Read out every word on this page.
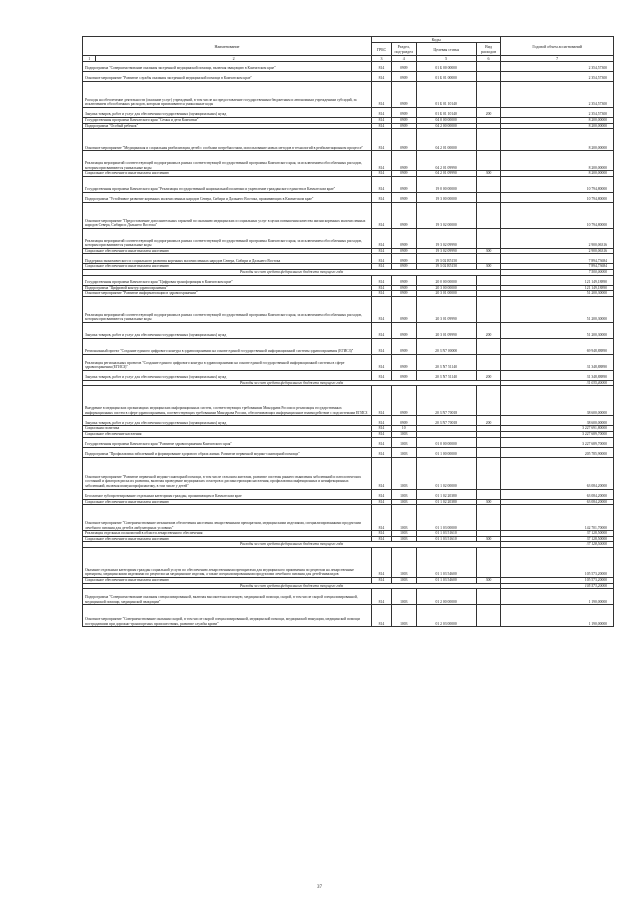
Наименование		Коды				Годовой объем ассигнований
		ГРБС	Раздел, под-раздел	Целевая статья	Вид расходов	
1	2	3	4	5	6	7
Подпрограмма "Совершенствование оказания экстренной медицинской помощи, включая эвакуацию в Камчатском крае"		814	0909	01 Б 00 00000		2 354,57300
Основное мероприятие "Развитие службы оказания экстренной медицинской помощи в Камчатском крае"		814	0909	01 Б 01 00000		2 354,57300
Расходы на обеспечение деятельности (оказание услуг) учреждений, в том числе на предоставление государственным бюджетным и автономным учреждениям субсидий, за исключением обособленных расходов, которым присваиваются уникальные коды		814	0909	01 Б 01 10140		2 354,57300
Закупка товаров, работ и услуг для обеспечения государственных (муниципальных) нужд		814	0909	01 Б 01 10140	200	2 354,57300
Государственная программа Камчатского края "Семья и дети Камчатки"		814	0909	04 0 00 00000		8 200,00000
Подпрограмма "Особый ребенок"		814	0909	04 2 00 00000		8 200,00000
Основное мероприятие "Медицинская и социальная реабилитация детей с особыми потребностями, использование новых методов в технологий в реабилитационном процессе"		814	0909	04 2 01 00000		8 200,00000
Реализация мероприятий соответствующей подпрограммы в рамках соответствующей государственной программы Камчатского края, за исключением обособленных расходов, которым присваиваются уникальные коды		814	0909	04 2 01 09990		8 200,00000
Социальное обеспечение и иные выплаты населению		814	0909	04 2 01 09990	300	8 200,00000
Государственная программа Камчатского края "Реализация государственной национальной политики и укрепление гражданского единства в Камчатском крае"		814	0909	19 0 00 00000		10 794,80000
Подпрограмма "Устойчивое развитие коренных малочисленных народов Севера, Сибири и Дальнего Востока, проживающих в Камчатском крае"		814	0909	19 3 00 00000		10 794,80000
Основное мероприятие "Предоставление дополнительных гарантий по оказанию медицинских и социальных услуг в целях повышения качества жизни коренных малочисленных народов Севера, Сибири и Дальнего Востока"		814	0909	19 3 02 00000		10 794,80000
Реализация мероприятий соответствующей подпрограммы в рамках соответствующей государственной программы Камчатского края, за исключением обособленных расходов, которым присваиваются уникальные коды		814	0909	19 3 02 09990		2 900,06316
Социальное обеспечение и иные выплаты населению		814	0909	19 3 02 09990	300	2 900,06316
Поддержка экономического и социального развития коренных малочисленных народов Севера, Сибири и Дальнего Востока		814	0909	19 3 02 R5150		7 894,73684
Социальное обеспечение и иные выплаты населению		814	0909	19 3 02 R5150	300	7 894,73684
Расходы за счет средств федерального бюджета текущего года						7 500,00000
Государственная программа Камчатского края "Цифровая трансформация в Камчатском крае"		814	0909	20 0 00 00000		121 149,18890
Подпрограмма "Цифровой контур здравоохранения"		814	0909	20 3 00 00000		121 149,18890
Основное мероприятие "Развитие информатизации в здравоохранении"		814	0909	20 3 01 00000		51 200,30000
Реализация мероприятий соответствующей подпрограммы в рамках соответствующей государственной программы Камчатского края, за исключением обособленных расходов, которым присваиваются уникальные коды		814	0909	20 3 01 09990		51 200,30000
Закупка товаров, работ и услуг для обеспечения государственных (муниципальных) нужд		814	0909	20 3 01 09990	200	51 200,30000
Региональный проект "Создание единого цифрового контура в здравоохранении на основе единой государственной информационной системы здравоохранения (ЕГИСЗ)"		814	0909	20 3 N7 00000		69 948,88890
Реализация региональных проектов "Создание единого цифрового контура в здравоохранении на основе единой государственной информационной системы в сфере здравоохранения (ЕГИСЗ)"		814	0909	20 3 N7 51140		31 348,88890
Закупка товаров, работ и услуг для обеспечения государственных (муниципальных) нужд		814	0909	20 3 N7 51140	200	31 348,88890
Расходы за счет средств федерального бюджета текущего года						31 035,40000
Внедрение в медицинских организациях медицинских информационных систем, соответствующих требованиям Минздрава России и реализация государственных информационных систем в сфере здравоохранения, соответствующих требованиям Минздрава России, обеспечивающих информационное взаимодействие с подсистемами ЕГИСЗ		814	0909	20 3 N7 70018		38 600,00000
Закупка товаров, работ и услуг для обеспечения государственных (муниципальных) нужд		814	0909	20 3 N7 70018	200	38 600,00000
Социальная политика		814	10			3 227 691,80000
Социальное обеспечение населения		814	1003			3 227 689,70000
Государственная программа Камчатского края "Развитие здравоохранения Камчатского края"		814	1003	01 0 00 00000		3 227 689,70000
Подпрограмма "Профилактика заболеваний и формирование здорового образа жизни. Развитие первичной медико-санитарной помощи"		814	1003	01 1 00 00000		205 785,90000
Основное мероприятие "Развитие первичной медико-санитарной помощи, в том числе сельским жителям, развитие системы раннего выявления заболеваний и патологических состояний и факторов риска их развития, включая проведение медицинских осмотров и диспансеризации населения, профилактика инфекционных и неинфекционных заболеваний, включая иммунопрофилактику, в том числе у детей"		814	1003	01 1 02 00000		63 084,20000
Бесплатное зубопротезирование отдельным категориям граждан, проживающим в Камчатском крае		814	1003	01 1 02 20380		63 084,20000
Социальное обеспечение и иные выплаты населению		814	1003	01 1 02 20380	300	63 084,20000
Основное мероприятие "Совершенствование механизмов обеспечения населения лекарственными препаратами, медицинскими изделиями, специализированными продуктами лечебного питания для детей в амбулаторных условиях"		814	1003	01 1 03 00000		142 701,70000
Реализация отдельных полномочий в области лекарственного обеспечения		814	1003	01 1 03 51610		37 128,50000
Социальное обеспечение и иные выплаты населению		814	1003	01 1 03 51610	300	37 128,50000
Расходы за счет средств федерального бюджета текущего года						37 128,50000
Оказание отдельным категориям граждан социальной услуги по обеспечению лекарственными препаратами для медицинского применения по рецептам на лекарственные препараты, медицинскими изделиями по рецептам на медицинские изделия, а также специализированными продуктами лечебного питания для детей-инвалидов		814	1003	01 1 03 54600		105 573,20000
Социальное обеспечение и иные выплаты населению		814	1003	01 1 03 54600	300	105 573,20000
Расходы за счет средств федерального бюджета текущего года						105 573,20000
Подпрограмма "Совершенствование оказания специализированной, включая высокотехнологичную, медицинской помощи, скорой, в том числе скорой специализированной, медицинской помощи, медицинской эвакуации"		814	1003	01 2 00 00000		1 190,00000
Основное мероприятие "Совершенствование оказания скорой, в том числе скорой специализированной, медицинской помощи, медицинской эвакуации, медицинской помощи пострадавшим при дорожно-транспортных происшествиях, развитие службы крови"		814	1003	01 2 03 00000		1 190,00000
37
